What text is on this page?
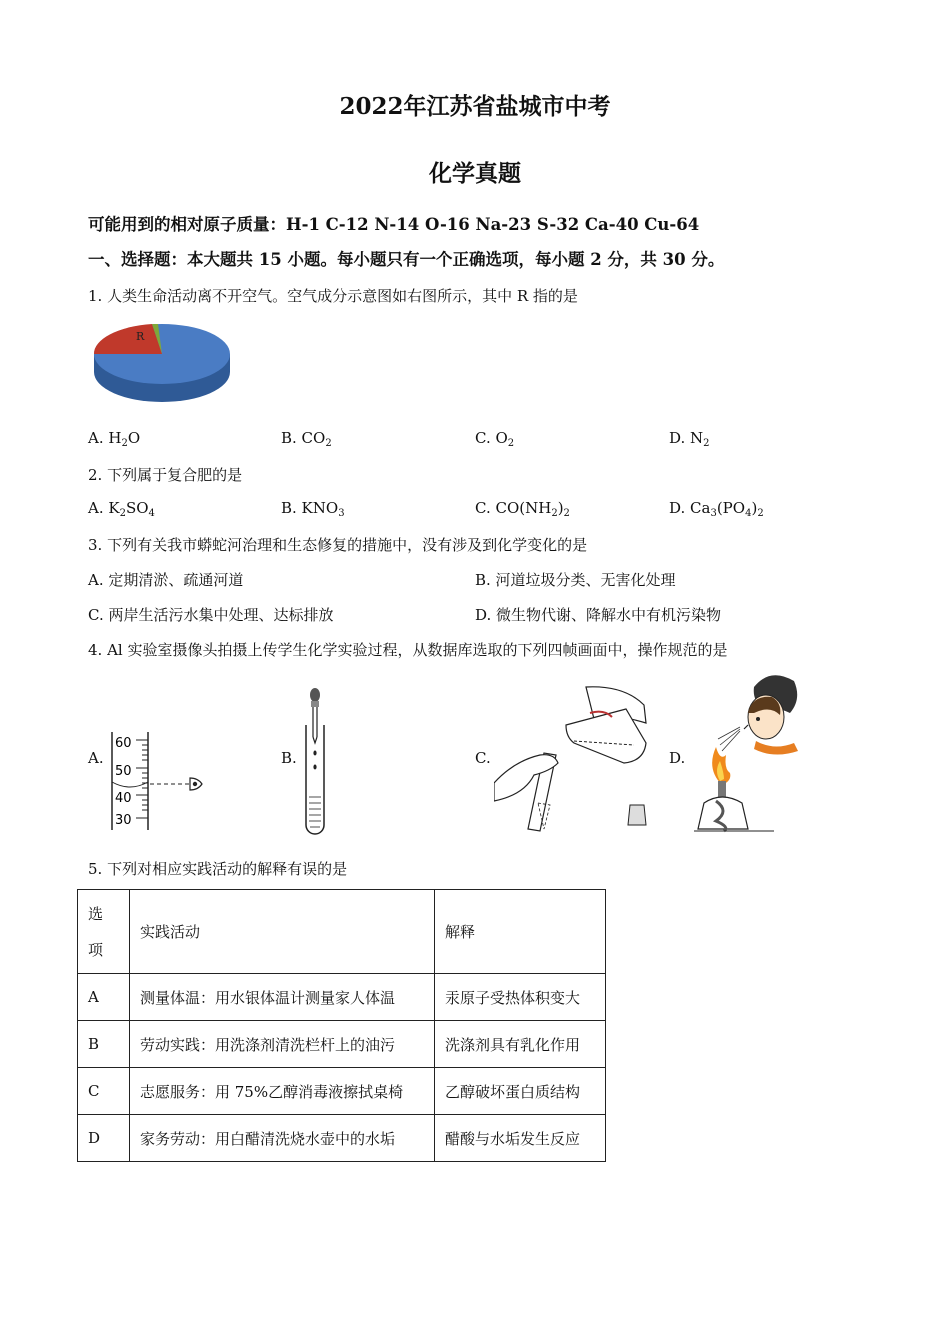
2022年江苏省盐城市中考
化学真题
可能用到的相对原子质量：H-1 C-12 N-14 O-16 Na-23 S-32 Ca-40 Cu-64
一、选择题：本大题共 15 小题。每小题只有一个正确选项，每小题 2 分，共 30 分。
1. 人类生命活动离不开空气。空气成分示意图如右图所示，其中 R 指的是
R
A. $H_2O$	B. $CO_2$	C. $O_2$	D. $N_2$
2. 下列属于复合肥的是
A. $K_2SO_4$	B. $KNO_3$	C. $CO(NH_2)_2$	D. $Ca_3(PO_4)_2$
3. 下列有关我市蟒蛇河治理和生态修复的措施中，没有涉及到化学变化的是
A. 定期清淤、疏通河道	B. 河道垃圾分类、无害化处理
C. 两岸生活污水集中处理、达标排放	D. 微生物代谢、降解水中有机污染物
4. Al 实验室摄像头拍摄上传学生化学实验过程，从数据库选取的下列四帧画面中，操作规范的是
A.
60
50
40
30
B.	C.	D.
5. 下列对相应实践活动的解释有误的是
选
项	实践活动	解释
A	测量体温：用水银体温计测量家人体温	汞原子受热体积变大
B	劳动实践：用洗涤剂清洗栏杆上的油污	洗涤剂具有乳化作用
C	志愿服务：用 75%乙醇消毒液擦拭桌椅	乙醇破坏蛋白质结构
D	家务劳动：用白醋清洗烧水壶中的水垢	醋酸与水垢发生反应
